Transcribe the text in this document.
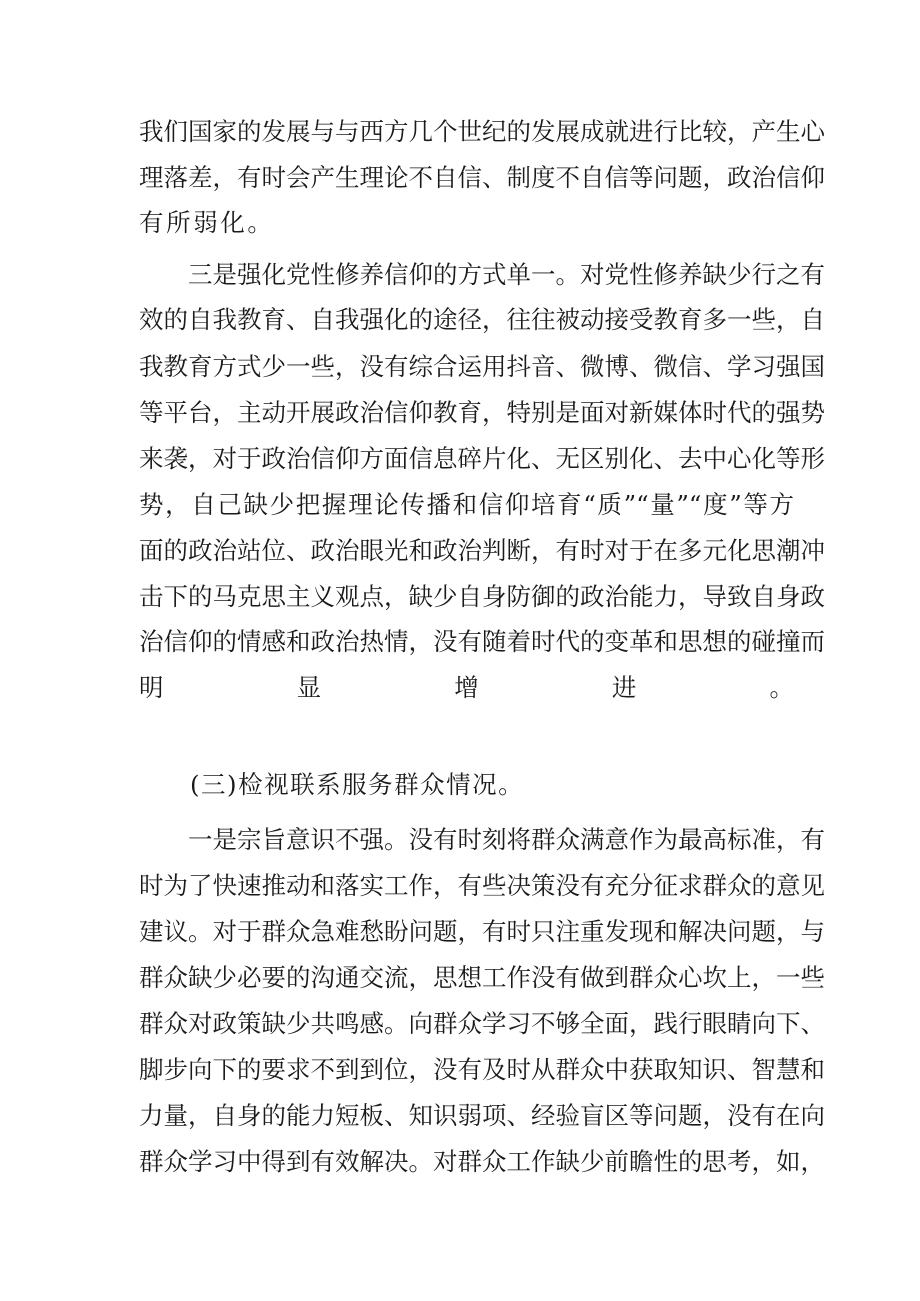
我们国家的发展与与西方几个世纪的发展成就进行比较，产生心
理落差，有时会产生理论不自信、制度不自信等问题，政治信仰
有所弱化。
三是强化党性修养信仰的方式单一。对党性修养缺少行之有
效的自我教育、自我强化的途径，往往被动接受教育多一些，自
我教育方式少一些，没有综合运用抖音、微博、微信、学习强国
等平台，主动开展政治信仰教育，特别是面对新媒体时代的强势
来袭，对于政治信仰方面信息碎片化、无区别化、去中心化等形
势，自己缺少把握理论传播和信仰培育“质”“量”“度”等方
面的政治站位、政治眼光和政治判断，有时对于在多元化思潮冲
击下的马克思主义观点，缺少自身防御的政治能力，导致自身政
治信仰的情感和政治热情，没有随着时代的变革和思想的碰撞而
明显增进。
(三)检视联系服务群众情况。
一是宗旨意识不强。没有时刻将群众满意作为最高标准，有
时为了快速推动和落实工作，有些决策没有充分征求群众的意见
建议。对于群众急难愁盼问题，有时只注重发现和解决问题，与
群众缺少必要的沟通交流，思想工作没有做到群众心坎上，一些
群众对政策缺少共鸣感。向群众学习不够全面，践行眼睛向下、
脚步向下的要求不到到位，没有及时从群众中获取知识、智慧和
力量，自身的能力短板、知识弱项、经验盲区等问题，没有在向
群众学习中得到有效解决。对群众工作缺少前瞻性的思考，如，
